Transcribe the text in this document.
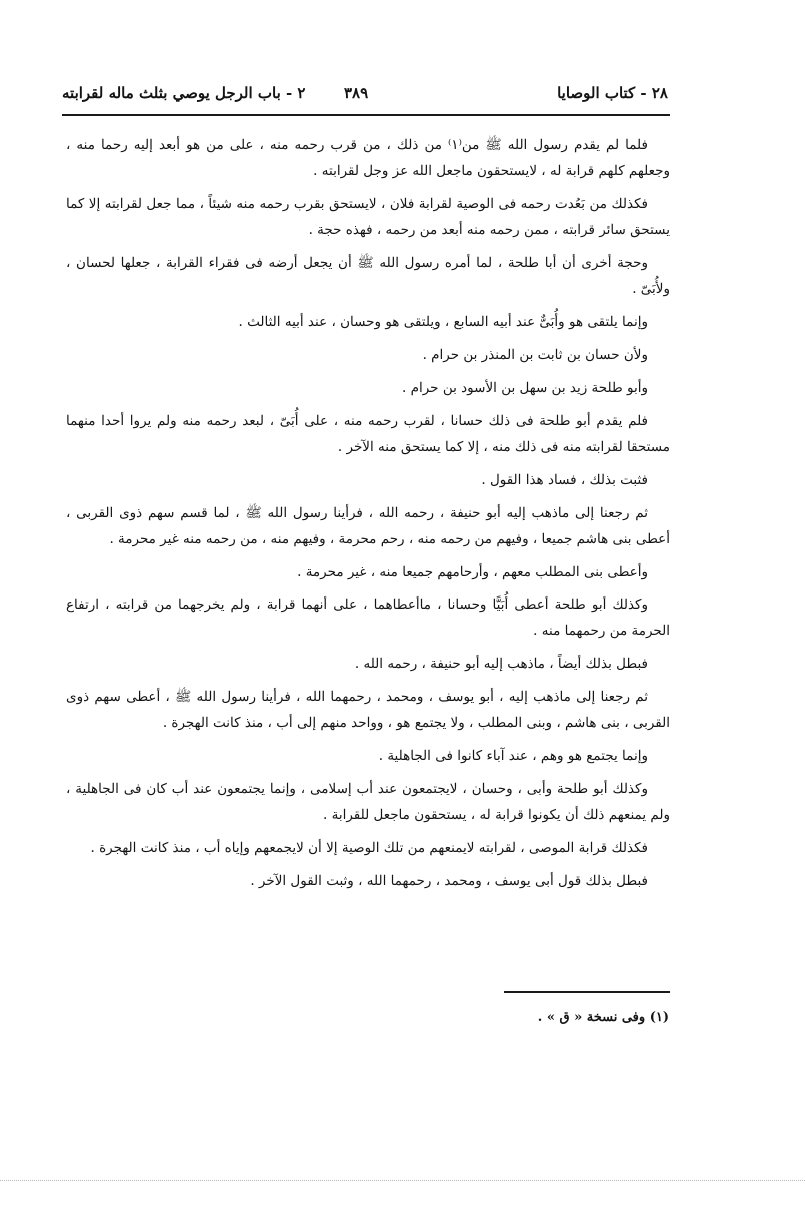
٢٨ - كتاب الوصايا
٣٨٩
٢ - باب الرجل يوصي بثلث ماله لقرابته

فلما لم يقدم رسول الله ﷺ من⁽١⁾ من ذلك ، من قرب رحمه منه ، على من هو أبعد إليه رحما منه ، وجعلهم كلهم قرابة له ، لايستحقون ماجعل الله عز وجل لقرابته .

فكذلك من بَعُدت رحمه فى الوصية لقرابة فلان ، لايستحق بقرب رحمه منه شيئاً ، مما جعل لقرابته إلا كما يستحق سائر قرابته ، ممن رحمه منه أبعد من رحمه ، فهذه حجة .

وحجة أخرى أن أبا طلحة ، لما أمره رسول الله ﷺ أن يجعل أرضه فى فقراء القرابة ، جعلها لحسان ، ولأُبَىّ .

وإنما يلتقى هو وأُبَىٌّ عند أبيه السابع ، ويلتقى هو وحسان ، عند أبيه الثالث .

ولأن حسان بن ثابت بن المنذر بن حرام .

وأبو طلحة زيد بن سهل بن الأسود بن حرام .

فلم يقدم أبو طلحة فى ذلك حسانا ، لقرب رحمه منه ، على أُبَىّ ، لبعد رحمه منه ولم يروا أحدا منهما مستحقا لقرابته منه فى ذلك منه ، إلا كما يستحق منه الآخر .

فثبت بذلك ، فساد هذا القول .

ثم رجعنا إلى ماذهب إليه أبو حنيفة ، رحمه الله ، فرأينا رسول الله ﷺ ، لما قسم سهم ذوى القربى ، أعطى بنى هاشم جميعا ، وفيهم من رحمه منه ، رحم محرمة ، وفيهم منه ، من رحمه منه غير محرمة .

وأعطى بنى المطلب معهم ، وأرحامهم جميعا منه ، غير محرمة .

وكذلك أبو طلحة أعطى أُبَيًّا وحسانا ، ماأعطاهما ، على أنهما قرابة ، ولم يخرجهما من قرابته ، ارتفاع الحرمة من رحمهما منه .

فبطل بذلك أيضاً ، ماذهب إليه أبو حنيفة ، رحمه الله .

ثم رجعنا إلى ماذهب إليه ، أبو يوسف ، ومحمد ، رحمهما الله ، فرأينا رسول الله ﷺ ، أعطى سهم ذوى القربى ، بنى هاشم ، وبنى المطلب ، ولا يجتمع هو ، وواحد منهم إلى أب ، منذ كانت الهجرة .

وإنما يجتمع هو وهم ، عند آباء كانوا فى الجاهلية .

وكذلك أبو طلحة وأبى ، وحسان ، لايجتمعون عند أب إسلامى ، وإنما يجتمعون عند أب كان فى الجاهلية ، ولم يمنعهم ذلك أن يكونوا قرابة له ، يستحقون ماجعل للقرابة .

فكذلك قرابة الموصى ، لقرابته لايمنعهم من تلك الوصية إلا أن لايجمعهم وإياه أب ، منذ كانت الهجرة .

فبطل بذلك قول أبى يوسف ، ومحمد ، رحمهما الله ، وثبت القول الآخر .

(١) وفى نسخة « ق » .
